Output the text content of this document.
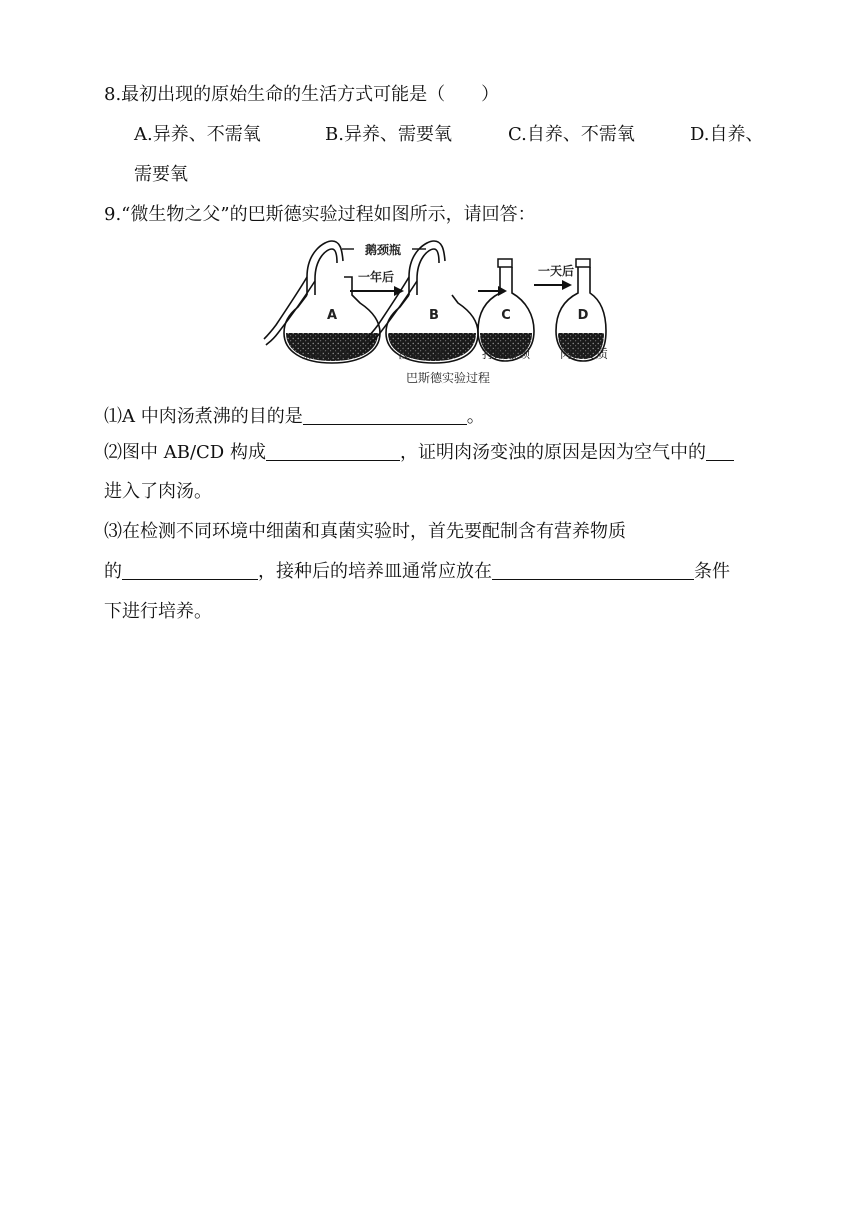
8.最初出现的原始生命的生活方式可能是（　　）
A.异养、不需氧	B.异养、需要氧	C.自养、不需氧	D.自养、
需要氧
9.“微生物之父”的巴斯德实验过程如图所示，请回答：
A
鹅颈瓶
一年后
B	C
一天后
D
煮沸肉汤	没有变质	打断瓶颈 肉汤变质
巴斯德实验过程
⑴A 中肉汤煮沸的目的是	。
⑵图中 AB/CD 构成	，证明肉汤变浊的原因是因为空气中的
进入了肉汤。
⑶在检测不同环境中细菌和真菌实验时，首先要配制含有营养物质
的	，接种后的培养皿通常应放在	条件
下进行培养。
